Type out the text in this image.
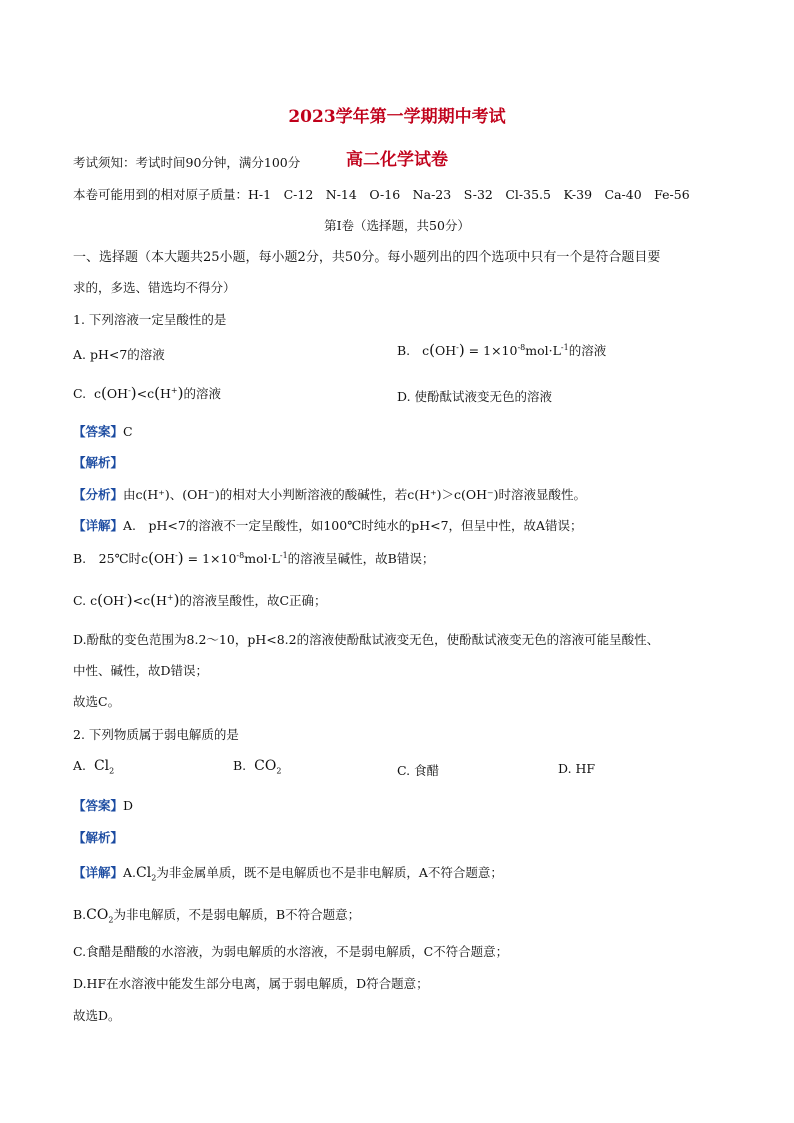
2023学年第一学期期中考试
高二化学试卷
考试须知：考试时间90分钟，满分100分
本卷可能用到的相对原子质量：H-1　C-12　N-14　O-16　Na-23　S-32　Cl-35.5　K-39　Ca-40　Fe-56
第Ⅰ卷（选择题，共50分）
一、选择题（本大题共25小题，每小题2分，共50分。每小题列出的四个选项中只有一个是符合题目要
求的，多选、错选均不得分）
1. 下列溶液一定呈酸性的是
A. pH<7的溶液	B. $c(OH^-) = 1\times 10^{-8}mol\cdot L^{-1}$的溶液
C.  c(OH-)<c(H+)的溶液	D. 使酚酞试液变无色的溶液
【答案】C
【解析】
【分析】由c(H⁺)、(OH⁻)的相对大小判断溶液的酸碱性，若c(H⁺)＞c(OH⁻)时溶液显酸性。
【详解】A.　pH<7的溶液不一定呈酸性，如100℃时纯水的pH<7，但呈中性，故A错误；
B.　25℃时$c(OH^-) = 1\times 10^{-8}mol\cdot L^{-1}$的溶液呈碱性，故B错误；
C. c(OH-)<c(H+)的溶液呈酸性，故C正确；
D.酚酞的变色范围为8.2～10，pH<8.2的溶液使酚酞试液变无色，使酚酞试液变无色的溶液可能呈酸性、
中性、碱性，故D错误；
故选C。
2. 下列物质属于弱电解质的是
A. $Cl_2$	B. $CO_2$	C. 食醋	D. HF
【答案】D
【解析】
【详解】$A.Cl_2$为非金属单质，既不是电解质也不是非电解质，A不符合题意；
$B.CO_2$为非电解质，不是弱电解质，B不符合题意；
C.食醋是醋酸的水溶液，为弱电解质的水溶液，不是弱电解质，C不符合题意；
D.HF在水溶液中能发生部分电离，属于弱电解质，D符合题意；
故选D。
